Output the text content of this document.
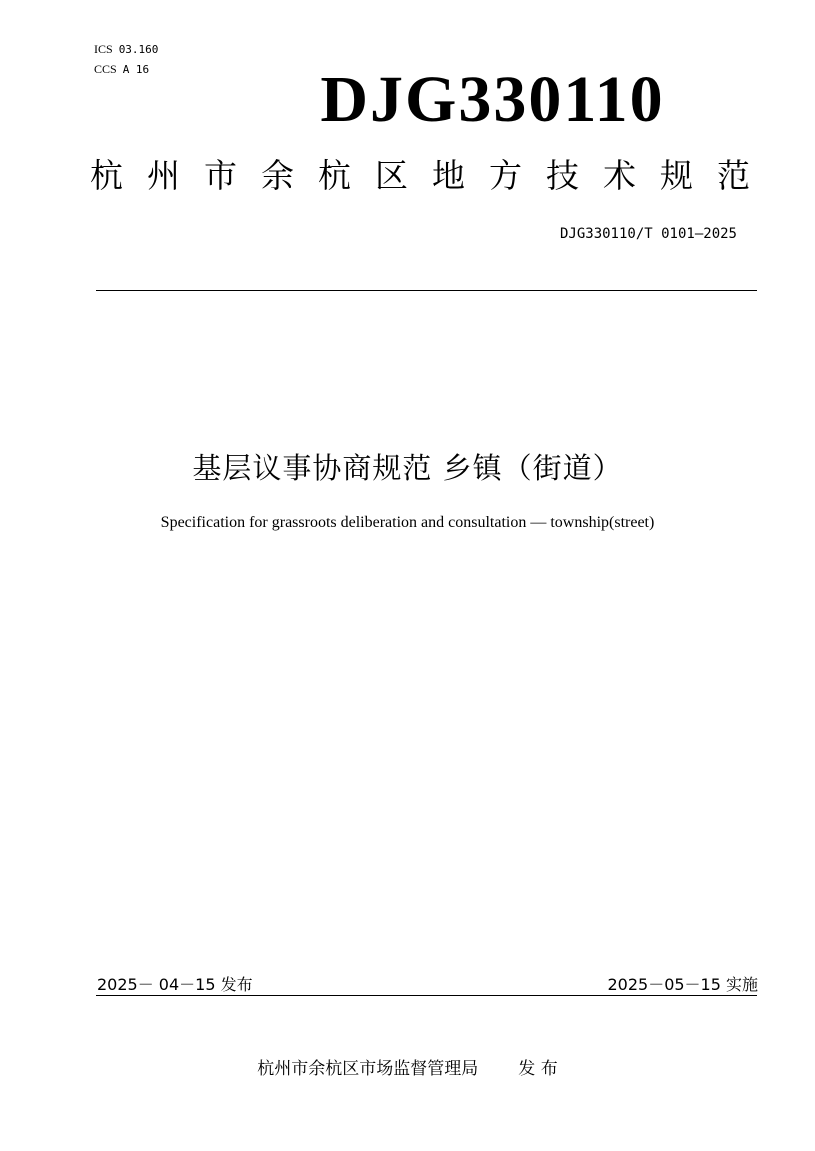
ICS 03.160
CCS A 16	DJG330110
杭 州 市 余 杭 区 地 方 技 术 规 范
DJG330110/T 0101—2025
基层议事协商规范 乡镇（街道）
Specification for grassroots deliberation and consultation — township(street)
2025－ 04－15 发布	2025－05－15 实施
杭州市余杭区市场监督管理局 发 布
